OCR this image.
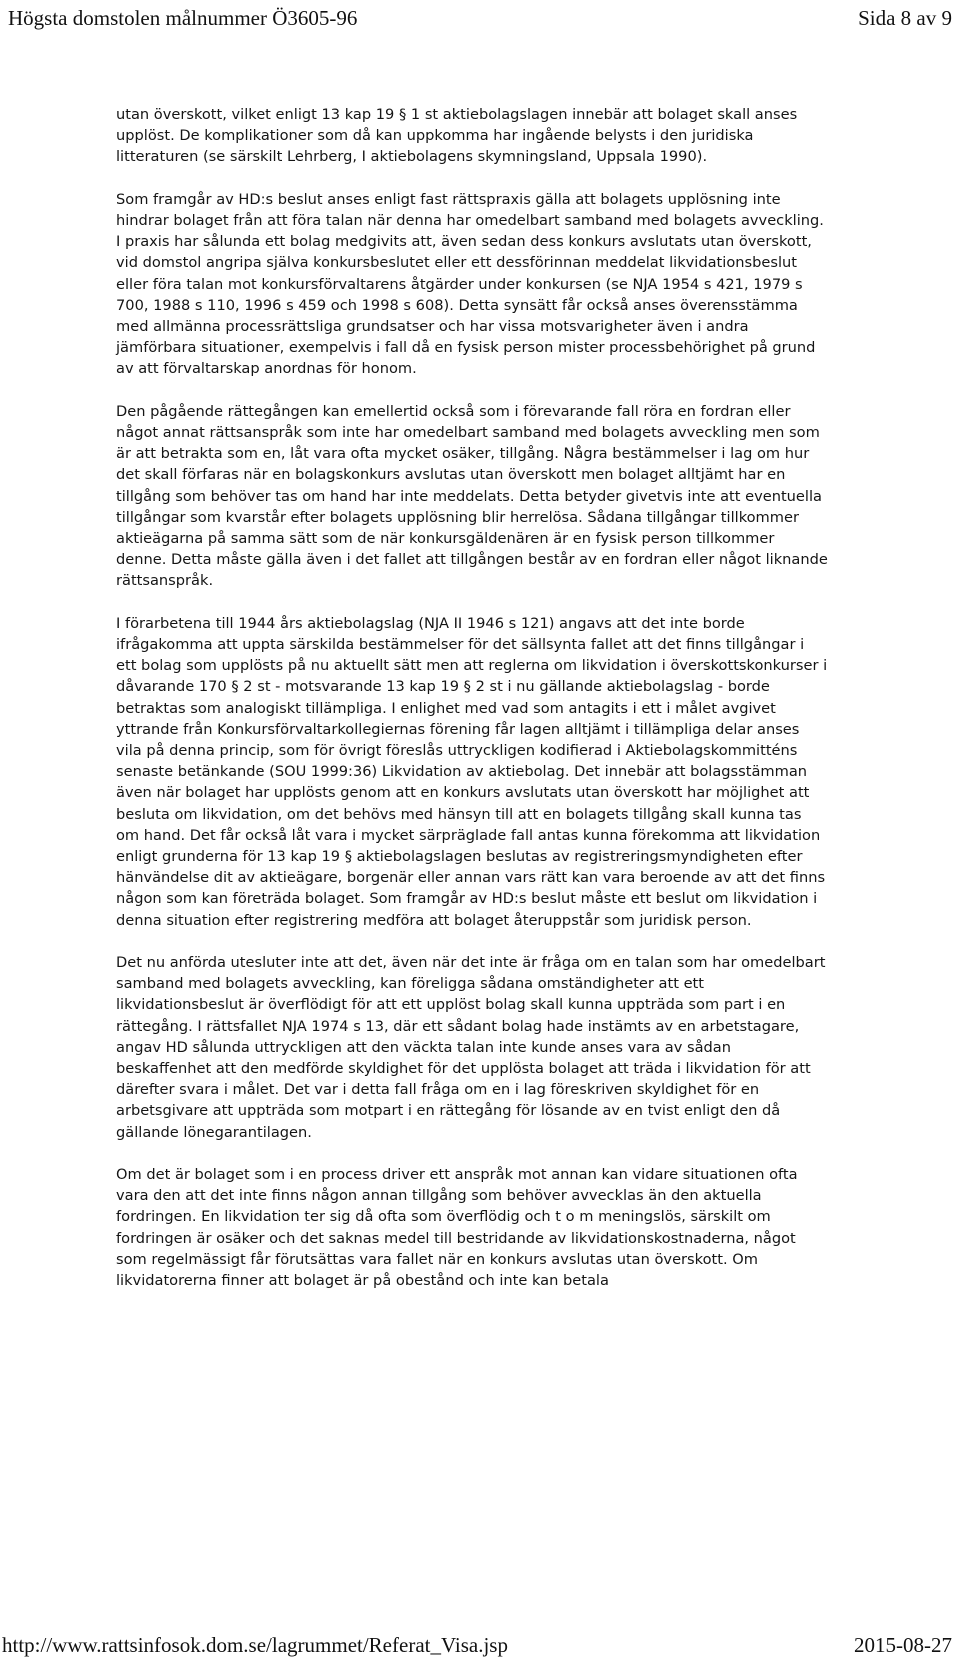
Högsta domstolen målnummer Ö3605-96	Sida 8 av 9

utan överskott, vilket enligt 13 kap 19 § 1 st aktiebolagslagen innebär att bolaget skall anses upplöst. De komplikationer som då kan uppkomma har ingående belysts i den juridiska litteraturen (se särskilt Lehrberg, I aktiebolagens skymningsland, Uppsala 1990).

Som framgår av HD:s beslut anses enligt fast rättspraxis gälla att bolagets upplösning inte hindrar bolaget från att föra talan när denna har omedelbart samband med bolagets avveckling. I praxis har sålunda ett bolag medgivits att, även sedan dess konkurs avslutats utan överskott, vid domstol angripa själva konkursbeslutet eller ett dessförinnan meddelat likvidationsbeslut eller föra talan mot konkursförvaltarens åtgärder under konkursen (se NJA 1954 s 421, 1979 s 700, 1988 s 110, 1996 s 459 och 1998 s 608). Detta synsätt får också anses överensstämma med allmänna processrättsliga grundsatser och har vissa motsvarigheter även i andra jämförbara situationer, exempelvis i fall då en fysisk person mister processbehörighet på grund av att förvaltarskap anordnas för honom.

Den pågående rättegången kan emellertid också som i förevarande fall röra en fordran eller något annat rättsanspråk som inte har omedelbart samband med bolagets avveckling men som är att betrakta som en, låt vara ofta mycket osäker, tillgång. Några bestämmelser i lag om hur det skall förfaras när en bolagskonkurs avslutas utan överskott men bolaget alltjämt har en tillgång som behöver tas om hand har inte meddelats. Detta betyder givetvis inte att eventuella tillgångar som kvarstår efter bolagets upplösning blir herrelösa. Sådana tillgångar tillkommer aktieägarna på samma sätt som de när konkursgäldenären är en fysisk person tillkommer denne. Detta måste gälla även i det fallet att tillgången består av en fordran eller något liknande rättsanspråk.

I förarbetena till 1944 års aktiebolagslag (NJA II 1946 s 121) angavs att det inte borde ifrågakomma att uppta särskilda bestämmelser för det sällsynta fallet att det finns tillgångar i ett bolag som upplösts på nu aktuellt sätt men att reglerna om likvidation i överskottskonkurser i dåvarande 170 § 2 st - motsvarande 13 kap 19 § 2 st i nu gällande aktiebolagslag - borde betraktas som analogiskt tillämpliga. I enlighet med vad som antagits i ett i målet avgivet yttrande från Konkursförvaltarkollegiernas förening får lagen alltjämt i tillämpliga delar anses vila på denna princip, som för övrigt föreslås uttryckligen kodifierad i Aktiebolagskommitténs senaste betänkande (SOU 1999:36) Likvidation av aktiebolag. Det innebär att bolagsstämman även när bolaget har upplösts genom att en konkurs avslutats utan överskott har möjlighet att besluta om likvidation, om det behövs med hänsyn till att en bolagets tillgång skall kunna tas om hand. Det får också låt vara i mycket särpräglade fall antas kunna förekomma att likvidation enligt grunderna för 13 kap 19 § aktiebolagslagen beslutas av registreringsmyndigheten efter hänvändelse dit av aktieägare, borgenär eller annan vars rätt kan vara beroende av att det finns någon som kan företräda bolaget. Som framgår av HD:s beslut måste ett beslut om likvidation i denna situation efter registrering medföra att bolaget återuppstår som juridisk person.

Det nu anförda utesluter inte att det, även när det inte är fråga om en talan som har omedelbart samband med bolagets avveckling, kan föreligga sådana omständigheter att ett likvidationsbeslut är överflödigt för att ett upplöst bolag skall kunna uppträda som part i en rättegång. I rättsfallet NJA 1974 s 13, där ett sådant bolag hade instämts av en arbetstagare, angav HD sålunda uttryckligen att den väckta talan inte kunde anses vara av sådan beskaffenhet att den medförde skyldighet för det upplösta bolaget att träda i likvidation för att därefter svara i målet. Det var i detta fall fråga om en i lag föreskriven skyldighet för en arbetsgivare att uppträda som motpart i en rättegång för lösande av en tvist enligt den då gällande lönegarantilagen.

Om det är bolaget som i en process driver ett anspråk mot annan kan vidare situationen ofta vara den att det inte finns någon annan tillgång som behöver avvecklas än den aktuella fordringen. En likvidation ter sig då ofta som överflödig och t o m meningslös, särskilt om fordringen är osäker och det saknas medel till bestridande av likvidationskostnaderna, något som regelmässigt får förutsättas vara fallet när en konkurs avslutas utan överskott. Om likvidatorerna finner att bolaget är på obestånd och inte kan betala

http://www.rattsinfosok.dom.se/lagrummet/Referat_Visa.jsp	2015-08-27
